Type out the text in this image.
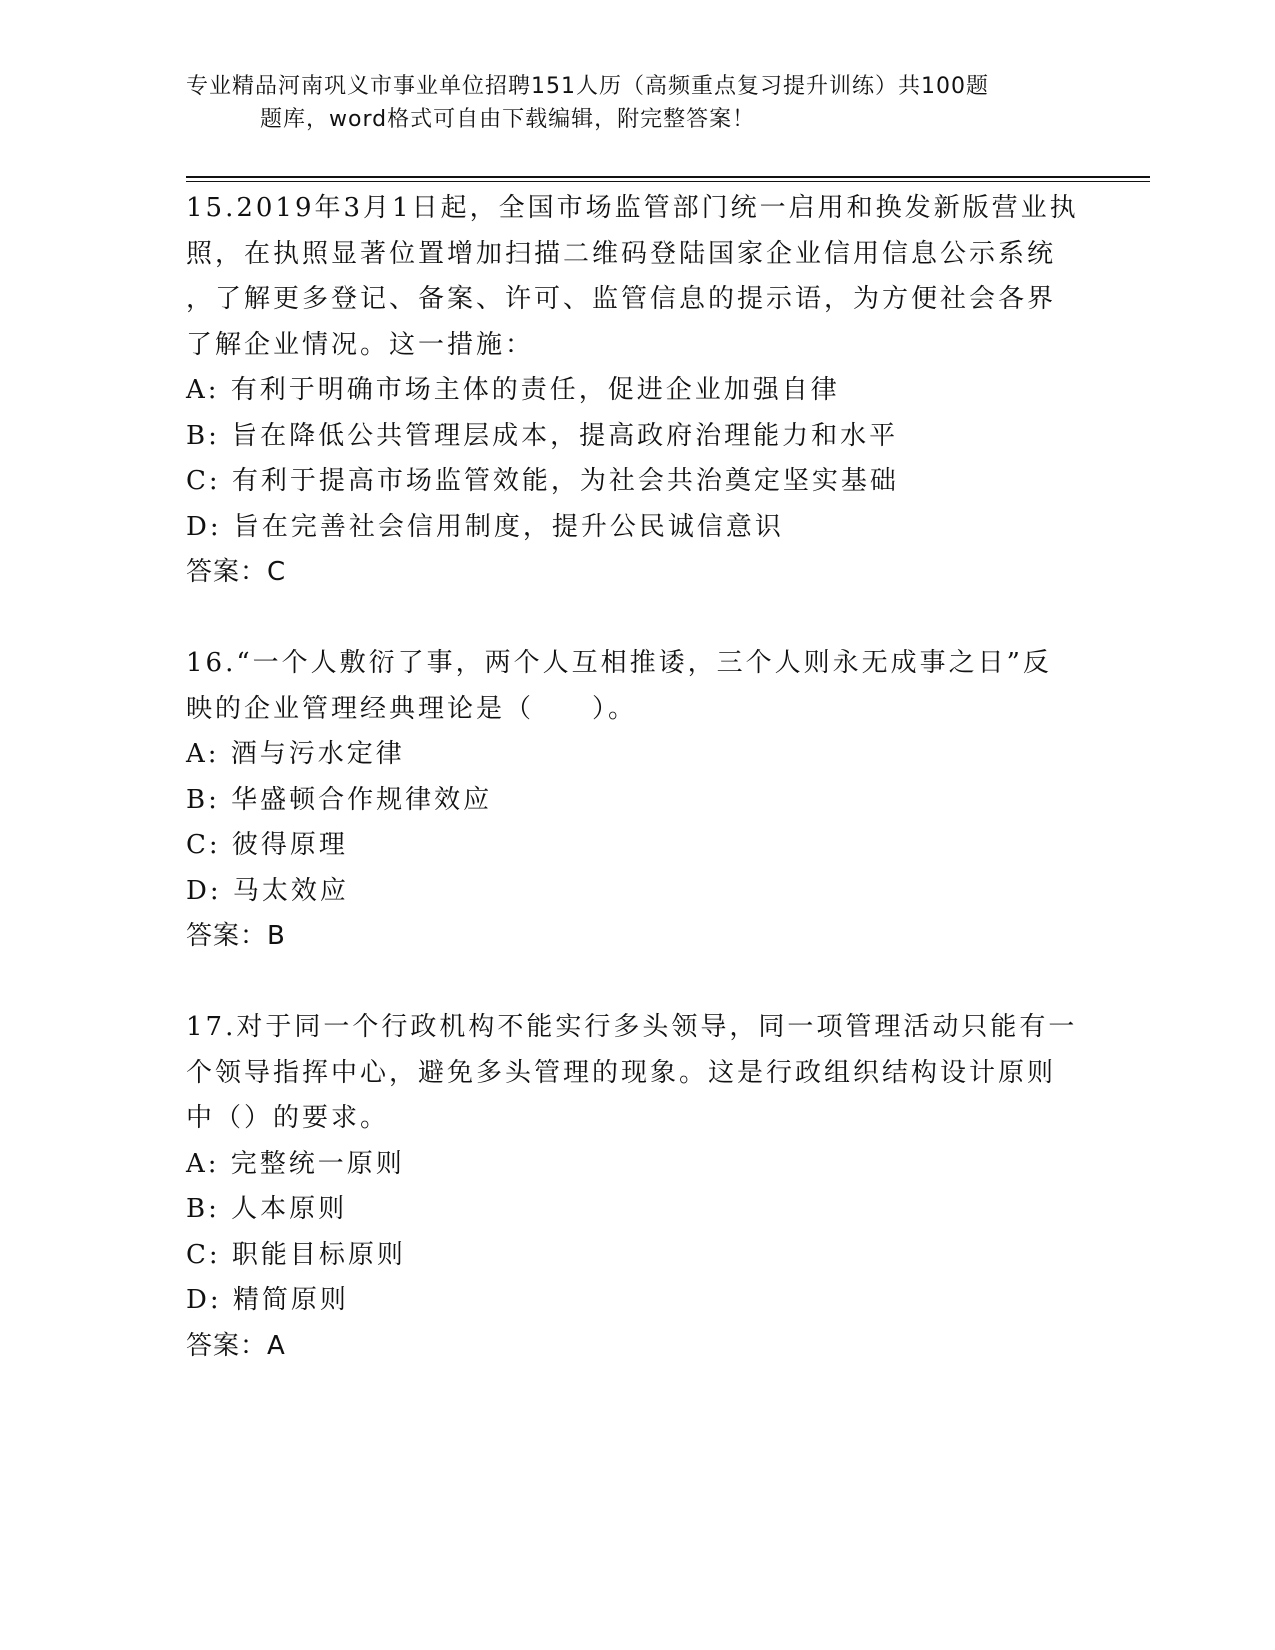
专业精品河南巩义市事业单位招聘151人历（高频重点复习提升训练）共100题
题库，word格式可自由下载编辑，附完整答案！
15.2019年3月1日起，全国市场监管部门统一启用和换发新版营业执
照，在执照显著位置增加扫描二维码登陆国家企业信用信息公示系统
，了解更多登记、备案、许可、监管信息的提示语，为方便社会各界
了解企业情况。这一措施：
A: 有利于明确市场主体的责任，促进企业加强自律
B: 旨在降低公共管理层成本，提高政府治理能力和水平
C: 有利于提高市场监管效能，为社会共治奠定坚实基础
D: 旨在完善社会信用制度，提升公民诚信意识
答案：C
16.“一个人敷衍了事，两个人互相推诿，三个人则永无成事之日”反
映的企业管理经典理论是（　　）。
A: 酒与污水定律
B: 华盛顿合作规律效应
C: 彼得原理
D: 马太效应
答案：B
17.对于同一个行政机构不能实行多头领导，同一项管理活动只能有一
个领导指挥中心，避免多头管理的现象。这是行政组织结构设计原则
中（）的要求。
A: 完整统一原则
B: 人本原则
C: 职能目标原则
D: 精简原则
答案：A
